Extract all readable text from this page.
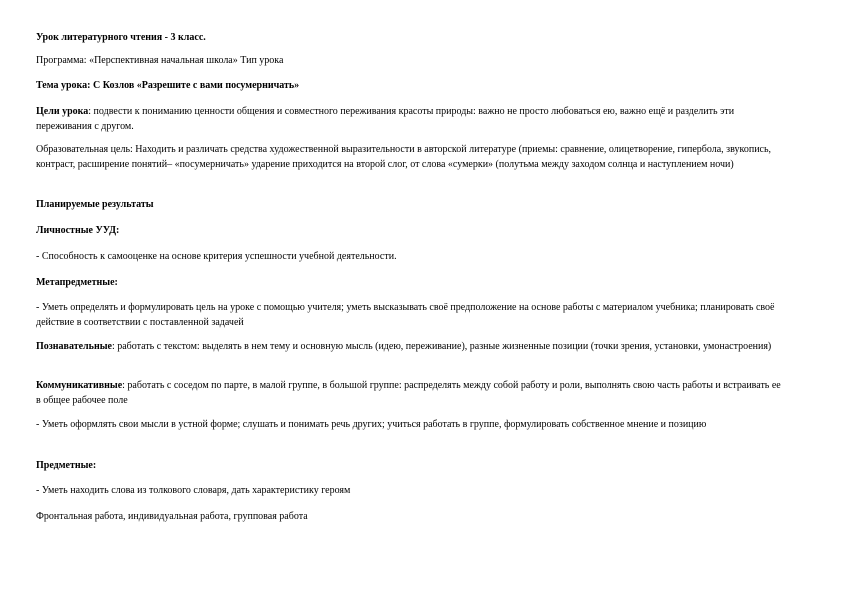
Урок литературного чтения - 3 класс.

Программа: «Перспективная начальная школа» Тип урока

Тема урока: С Козлов «Разрешите с вами посумерничать»

Цели урока: подвести к пониманию ценности общения и совместного переживания красоты природы: важно не просто любоваться ею, важно ещё и разделить эти переживания с другом.

Образовательная цель: Находить и различать средства художественной выразительности в авторской литературе (приемы: сравнение, олицетворение, гипербола, звукопись, контраст, расширение понятий– «посумерничать» ударение приходится на второй слог, от слова «сумерки» (полутьма между заходом солнца и наступлением ночи)

Планируемые результаты

Личностные УУД:

- Способность к самооценке на основе критерия успешности учебной деятельности.

Метапредметные:

- Уметь определять и формулировать цель на уроке с помощью учителя; уметь высказывать своё предположение на основе работы с материалом учебника; планировать своё действие в соответствии с поставленной задачей

Познавательные: работать с текстом: выделять в нем тему и основную мысль (идею, переживание), разные жизненные позиции (точки зрения, установки, умонастроения)

Коммуникативные: работать с соседом по парте, в малой группе, в большой группе: распределять между собой работу и роли, выполнять свою часть работы и встраивать ее в общее рабочее поле

- Уметь оформлять свои мысли в устной форме; слушать и понимать речь других; учиться работать в группе, формулировать собственное мнение и позицию

Предметные:

- Уметь находить слова из толкового словаря, дать характеристику героям

Фронтальная работа, индивидуальная работа, групповая работа
